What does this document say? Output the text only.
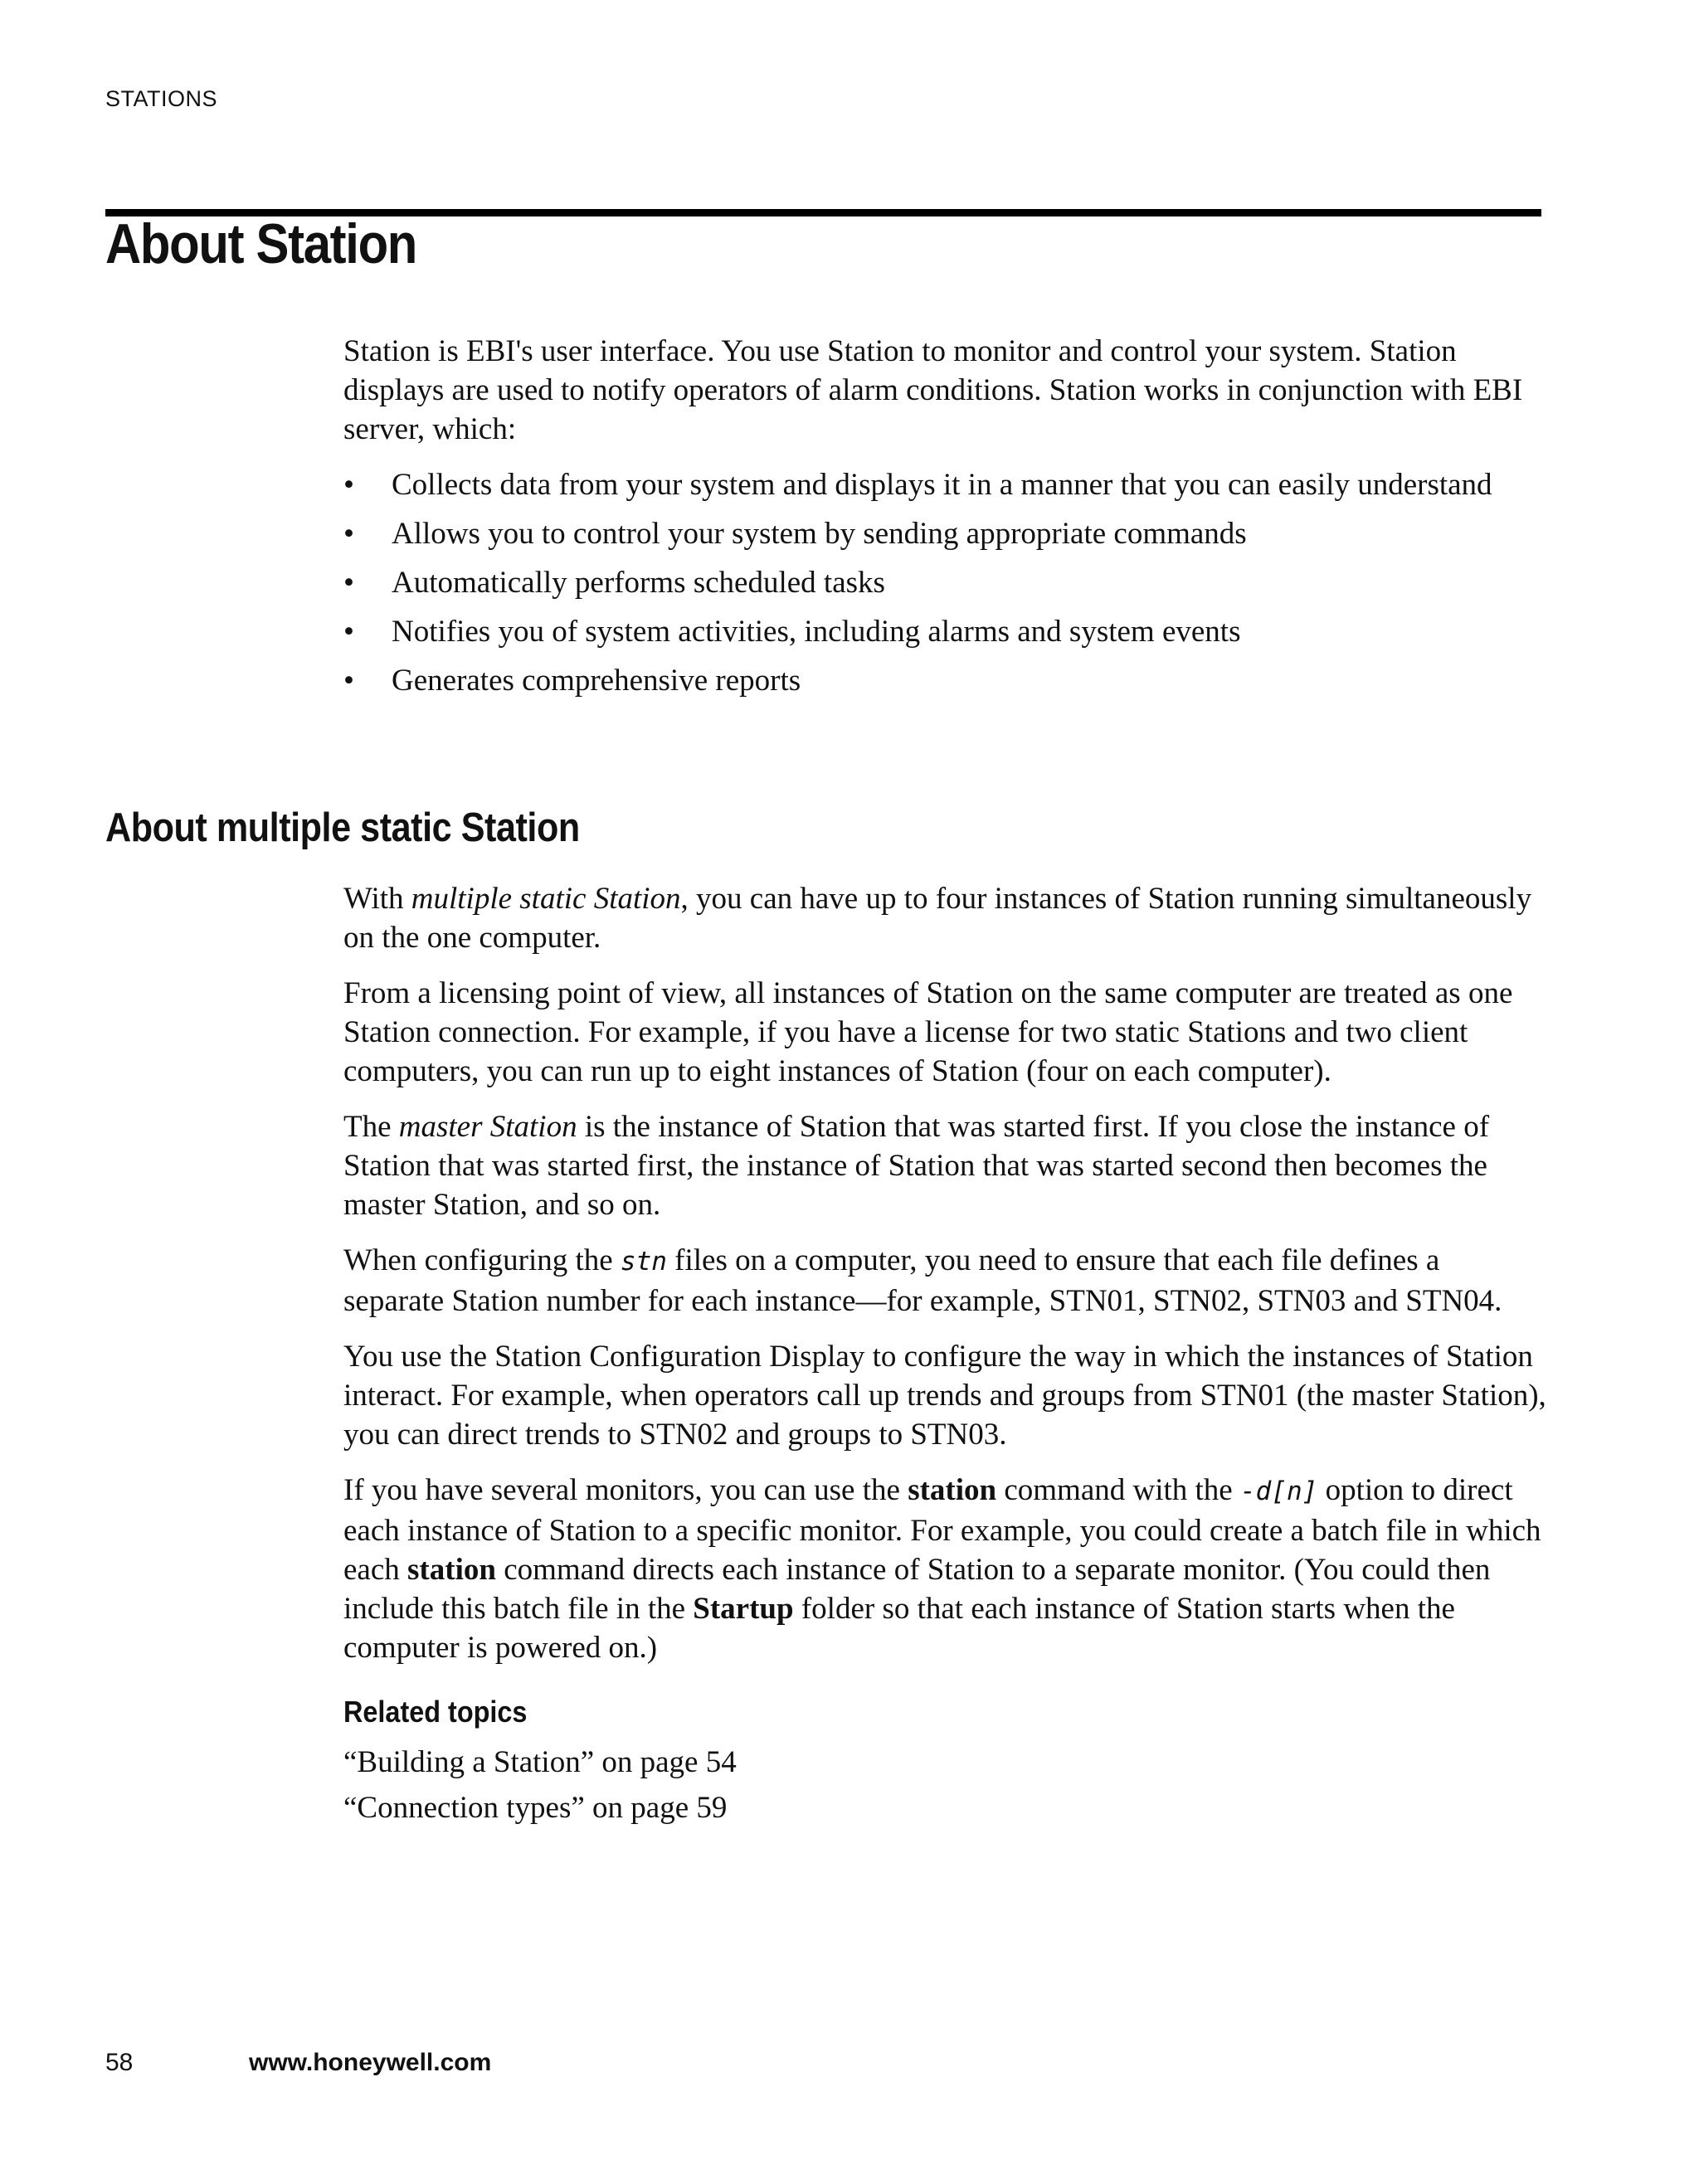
STATIONS
About Station

Station is EBI's user interface. You use Station to monitor and control your system. Station displays are used to notify operators of alarm conditions. Station works in conjunction with EBI server, which:

• Collects data from your system and displays it in a manner that you can easily understand
• Allows you to control your system by sending appropriate commands
• Automatically performs scheduled tasks
• Notifies you of system activities, including alarms and system events
• Generates comprehensive reports
About multiple static Station

With multiple static Station, you can have up to four instances of Station running simultaneously on the one computer.

From a licensing point of view, all instances of Station on the same computer are treated as one Station connection. For example, if you have a license for two static Stations and two client computers, you can run up to eight instances of Station (four on each computer).

The master Station is the instance of Station that was started first. If you close the instance of Station that was started first, the instance of Station that was started second then becomes the master Station, and so on.

When configuring the stn files on a computer, you need to ensure that each file defines a separate Station number for each instance—for example, STN01, STN02, STN03 and STN04.

You use the Station Configuration Display to configure the way in which the instances of Station interact. For example, when operators call up trends and groups from STN01 (the master Station), you can direct trends to STN02 and groups to STN03.

If you have several monitors, you can use the station command with the -d[n] option to direct each instance of Station to a specific monitor. For example, you could create a batch file in which each station command directs each instance of Station to a separate monitor. (You could then include this batch file in the Startup folder so that each instance of Station starts when the computer is powered on.)

Related topics
“Building a Station” on page 54
“Connection types” on page 59
58	www.honeywell.com
